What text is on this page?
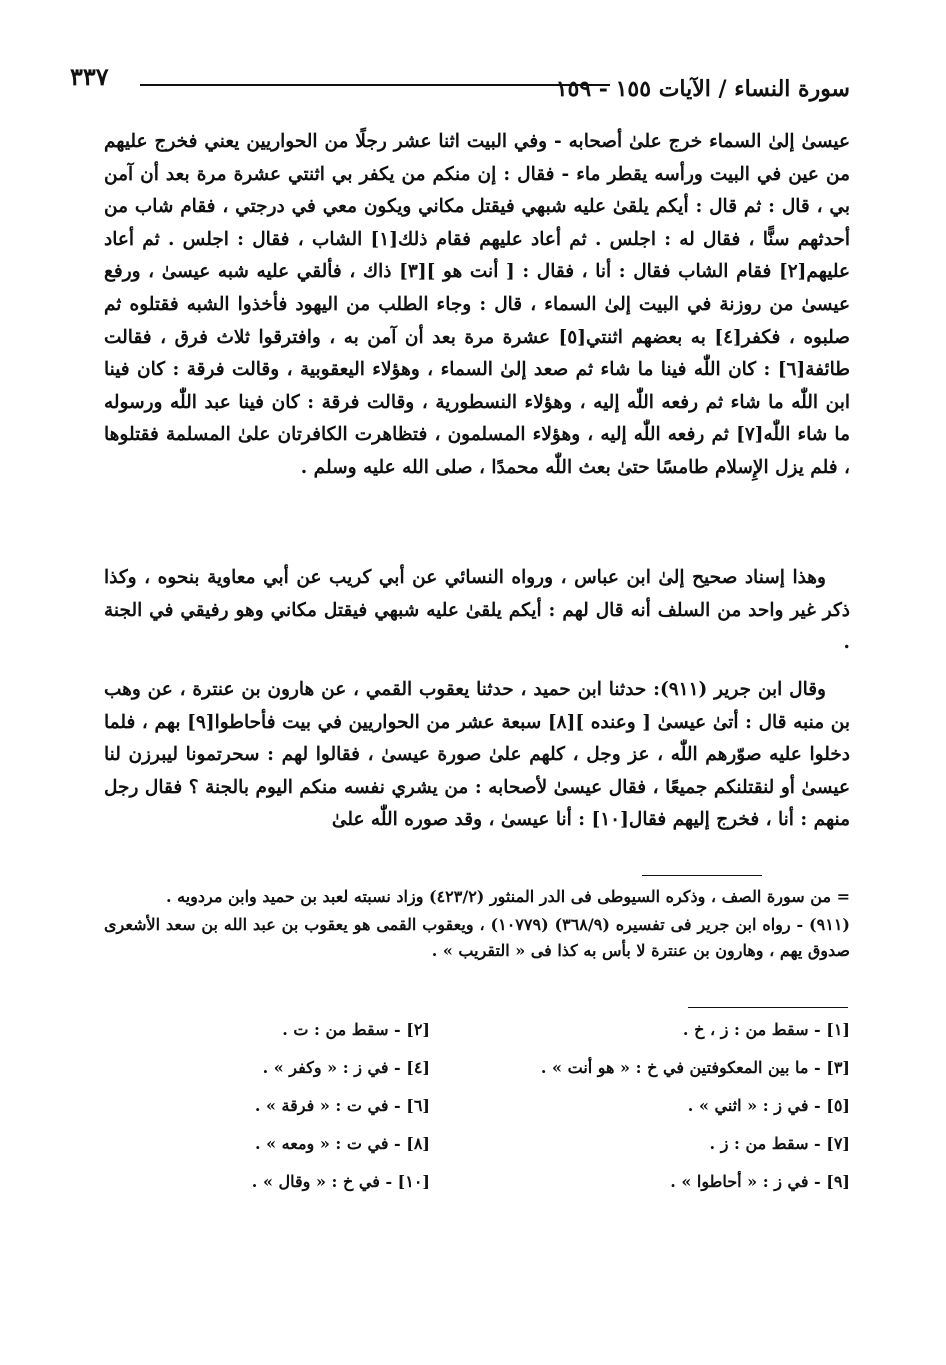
٣٣٧	سورة النساء / الآيات ١٥٥ - ١٥٩

عيسىٰ إلىٰ السماء خرج علىٰ أصحابه - وفي البيت اثنا عشر رجلًا من الحواريين يعني فخرج عليهم من عين في البيت ورأسه يقطر ماء - فقال : إن منكم من يكفر بي اثنتي عشرة مرة بعد أن آمن بي ، قال : ثم قال : أيكم يلقىٰ عليه شبهي فيقتل مكاني ويكون معي في درجتي ، فقام شاب من أحدثهم سنًّا ، فقال له : اجلس . ثم أعاد عليهم فقام ذلك[١] الشاب ، فقال : اجلس . ثم أعاد عليهم[٢] فقام الشاب فقال : أنا ، فقال : [ أنت هو ][٣] ذاك ، فألقي عليه شبه عيسىٰ ، ورفع عيسىٰ من روزنة في البيت إلىٰ السماء ، قال : وجاء الطلب من اليهود فأخذوا الشبه فقتلوه ثم صلبوه ، فكفر[٤] به بعضهم اثنتي[٥] عشرة مرة بعد أن آمن به ، وافترقوا ثلاث فرق ، فقالت طائفة[٦] : كان اللّٰه فينا ما شاء ثم صعد إلىٰ السماء ، وهؤلاء اليعقوبية ، وقالت فرقة : كان فينا ابن اللّٰه ما شاء ثم رفعه اللّٰه إليه ، وهؤلاء النسطورية ، وقالت فرقة : كان فينا عبد اللّٰه ورسوله ما شاء اللّٰه[٧] ثم رفعه اللّٰه إليه ، وهؤلاء المسلمون ، فتظاهرت الكافرتان علىٰ المسلمة فقتلوها ، فلم يزل الإِسلام طامسًا حتىٰ بعث اللّٰه محمدًا ، صلى الله عليه وسلم .

وهذا إسناد صحيح إلىٰ ابن عباس ، ورواه النسائي عن أبي كريب عن أبي معاوية بنحوه ، وكذا ذكر غير واحد من السلف أنه قال لهم : أيكم يلقىٰ عليه شبهي فيقتل مكاني وهو رفيقي في الجنة .

وقال ابن جرير (٩١١): حدثنا ابن حميد ، حدثنا يعقوب القمي ، عن هارون بن عنترة ، عن وهب بن منبه قال : أتىٰ عيسىٰ [ وعنده ][٨] سبعة عشر من الحواريين في بيت فأحاطوا[٩] بهم ، فلما دخلوا عليه صوّرهم اللّٰه ، عز وجل ، كلهم علىٰ صورة عيسىٰ ، فقالوا لهم : سحرتمونا ليبرزن لنا عيسىٰ أو لنقتلنكم جميعًا ، فقال عيسىٰ لأصحابه : من يشري نفسه منكم اليوم بالجنة ؟ فقال رجل منهم : أنا ، فخرج إليهم فقال[١٠] : أنا عيسىٰ ، وقد صوره اللّٰه علىٰ

= من سورة الصف ، وذكره السيوطى فى الدر المنثور (٤٢٣/٢) وزاد نسبته لعبد بن حميد وابن مردويه .

(٩١١) - رواه ابن جرير فى تفسيره (٣٦٨/٩) (١٠٧٧٩) ، ويعقوب القمى هو يعقوب بن عبد الله بن سعد الأشعرى صدوق يهم ، وهارون بن عنترة لا بأس به كذا فى « التقريب » .

[١] - سقط من : ز ، خ .
[٢] - سقط من : ت .
[٣] - ما بين المعكوفتين في خ : « هو أنت » .
[٤] - في ز : « وكفر » .
[٥] - في ز : « اثني » .
[٦] - في ت : « فرقة » .
[٧] - سقط من : ز .
[٨] - في ت : « ومعه » .
[٩] - في ز : « أحاطوا » .
[١٠] - في خ : « وقال » .
